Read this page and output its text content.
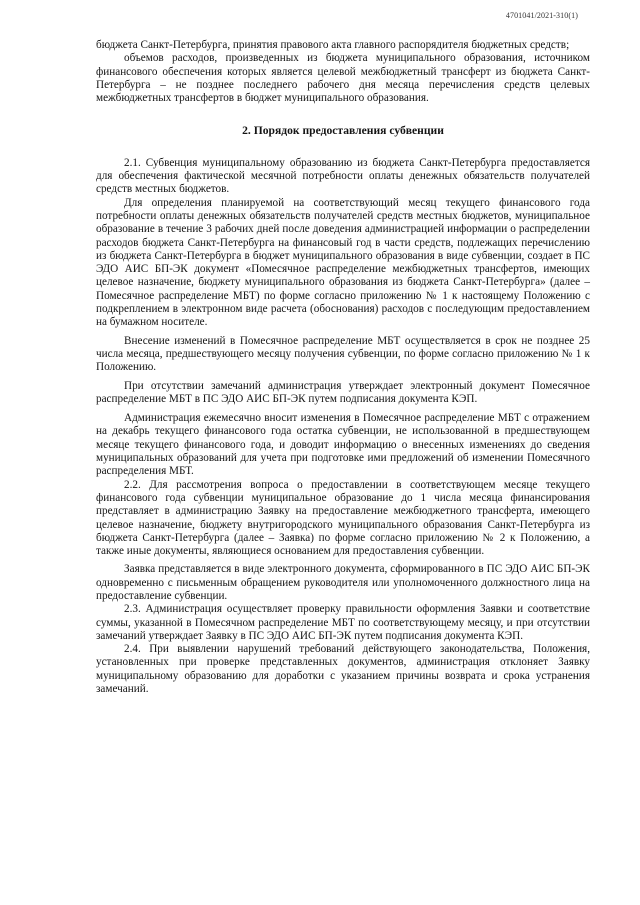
4701041/2021-310(1)

бюджета Санкт-Петербурга, принятия правового акта главного распорядителя бюджетных средств;

объемов расходов, произведенных из бюджета муниципального образования, источником финансового обеспечения которых является целевой межбюджетный трансферт из бюджета Санкт-Петербурга – не позднее последнего рабочего дня месяца перечисления средств целевых межбюджетных трансфертов в бюджет муниципального образования.

2. Порядок предоставления субвенции

2.1. Субвенция муниципальному образованию из бюджета Санкт-Петербурга предоставляется для обеспечения фактической месячной потребности оплаты денежных обязательств получателей средств местных бюджетов.

Для определения планируемой на соответствующий месяц текущего финансового года потребности оплаты денежных обязательств получателей средств местных бюджетов, муниципальное образование в течение 3 рабочих дней после доведения администрацией информации о распределении расходов бюджета Санкт-Петербурга на финансовый год в части средств, подлежащих перечислению из бюджета Санкт-Петербурга в бюджет муниципального образования в виде субвенции, создает в ПС ЭДО АИС БП-ЭК документ «Помесячное распределение межбюджетных трансфертов, имеющих целевое назначение, бюджету муниципального образования из бюджета Санкт-Петербурга» (далее – Помесячное распределение МБТ) по форме согласно приложению № 1 к настоящему Положению с подкреплением в электронном виде расчета (обоснования) расходов с последующим предоставлением на бумажном носителе.

Внесение изменений в Помесячное распределение МБТ осуществляется в срок не позднее 25 числа месяца, предшествующего месяцу получения субвенции, по форме согласно приложению № 1 к Положению.

При отсутствии замечаний администрация утверждает электронный документ Помесячное распределение МБТ в ПС ЭДО АИС БП-ЭК путем подписания документа КЭП.

Администрация ежемесячно вносит изменения в Помесячное распределение МБТ с отражением на декабрь текущего финансового года остатка субвенции, не использованной в предшествующем месяце текущего финансового года, и доводит информацию о внесенных изменениях до сведения муниципальных образований для учета при подготовке ими предложений об изменении Помесячного распределения МБТ.

2.2. Для рассмотрения вопроса о предоставлении в соответствующем месяце текущего финансового года субвенции муниципальное образование до 1 числа месяца финансирования представляет в администрацию Заявку на предоставление межбюджетного трансферта, имеющего целевое назначение, бюджету внутригородского муниципального образования Санкт-Петербурга из бюджета Санкт-Петербурга (далее – Заявка) по форме согласно приложению № 2 к Положению, а также иные документы, являющиеся основанием для предоставления субвенции.

Заявка представляется в виде электронного документа, сформированного в ПС ЭДО АИС БП-ЭК одновременно с письменным обращением руководителя или уполномоченного должностного лица на предоставление субвенции.

2.3. Администрация осуществляет проверку правильности оформления Заявки и соответствие суммы, указанной в Помесячном распределение МБТ по соответствующему месяцу, и при отсутствии замечаний утверждает Заявку в ПС ЭДО АИС БП-ЭК путем подписания документа КЭП.

2.4. При выявлении нарушений требований действующего законодательства, Положения, установленных при проверке представленных документов, администрация отклоняет Заявку муниципальному образованию для доработки с указанием причины возврата и срока устранения замечаний.
